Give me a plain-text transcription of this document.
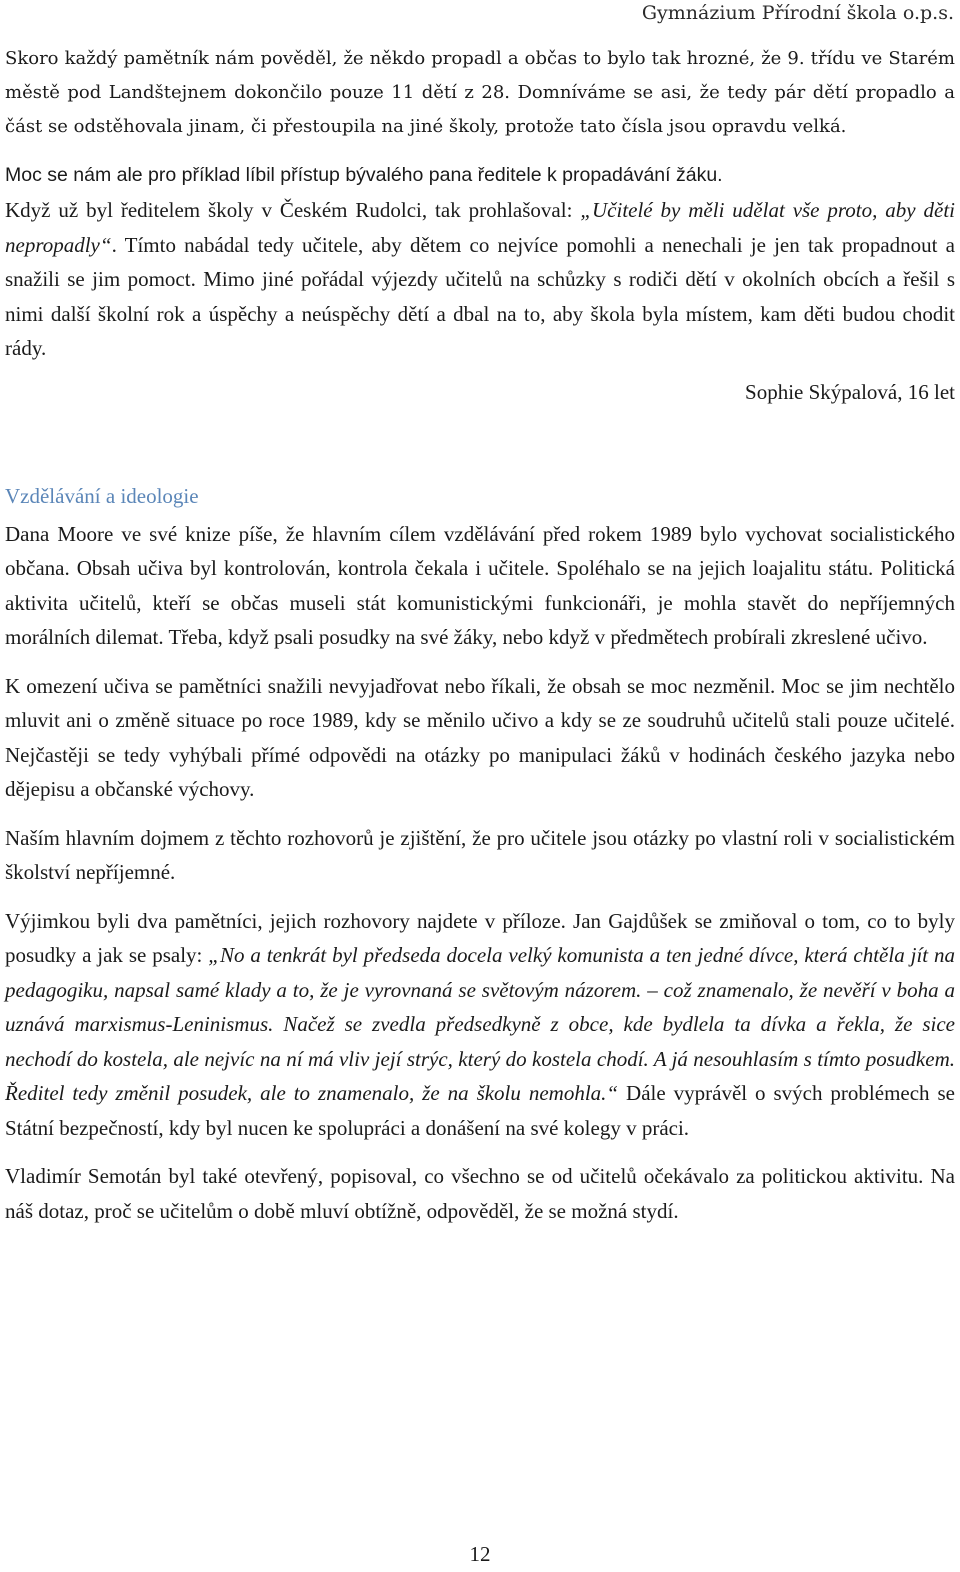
Gymnázium Přírodní škola o.p.s.

Skoro každý pamětník nám pověděl, že někdo propadl a občas to bylo tak hrozné, že 9. třídu ve Starém městě pod Landštejnem dokončilo pouze 11 dětí z 28. Domníváme se asi, že tedy pár dětí propadlo a část se odstěhovala jinam, či přestoupila na jiné školy, protože tato čísla jsou opravdu velká.

Moc se nám ale pro příklad líbil přístup bývalého pana ředitele k propadávání žáku.

Když už byl ředitelem školy v Českém Rudolci, tak prohlašoval: „Učitelé by měli udělat vše proto, aby děti nepropadly“. Tímto nabádal tedy učitele, aby dětem co nejvíce pomohli a nenechali je jen tak propadnout a snažili se jim pomoct. Mimo jiné pořádal výjezdy učitelů na schůzky s rodiči dětí v okolních obcích a řešil s nimi další školní rok a úspěchy a neúspěchy dětí a dbal na to, aby škola byla místem, kam děti budou chodit rády.

Sophie Skýpalová, 16 let
Vzdělávání a ideologie

Dana Moore ve své knize píše, že hlavním cílem vzdělávání před rokem 1989 bylo vychovat socialistického občana. Obsah učiva byl kontrolován, kontrola čekala i učitele. Spoléhalo se na jejich loajalitu státu. Politická aktivita učitelů, kteří se občas museli stát komunistickými funkcionáři, je mohla stavět do nepříjemných morálních dilemat. Třeba, když psali posudky na své žáky, nebo když v předmětech probírali zkreslené učivo.

K omezení učiva se pamětníci snažili nevyjadřovat nebo říkali, že obsah se moc nezměnil. Moc se jim nechtělo mluvit ani o změně situace po roce 1989, kdy se měnilo učivo a kdy se ze soudruhů učitelů stali pouze učitelé. Nejčastěji se tedy vyhýbali přímé odpovědi na otázky po manipulaci žáků v hodinách českého jazyka nebo dějepisu a občanské výchovy.

Naším hlavním dojmem z těchto rozhovorů je zjištění, že pro učitele jsou otázky po vlastní roli v socialistickém školství nepříjemné.

Výjimkou byli dva pamětníci, jejich rozhovory najdete v příloze. Jan Gajdůšek se zmiňoval o tom, co to byly posudky a jak se psaly: „No a tenkrát byl předseda docela velký komunista a ten jedné dívce, která chtěla jít na pedagogiku, napsal samé klady a to, že je vyrovnaná se světovým názorem. – což znamenalo, že nevěří v boha a uznává marxismus-Leninismus. Načež se zvedla předsedkyně z obce, kde bydlela ta dívka a řekla, že sice nechodí do kostela, ale nejvíc na ní má vliv její strýc, který do kostela chodí. A já nesouhlasím s tímto posudkem. Ředitel tedy změnil posudek, ale to znamenalo, že na školu nemohla.“ Dále vyprávěl o svých problémech se Státní bezpečností, kdy byl nucen ke spolupráci a donášení na své kolegy v práci.

Vladimír Semotán byl také otevřený, popisoval, co všechno se od učitelů očekávalo za politickou aktivitu. Na náš dotaz, proč se učitelům o době mluví obtížně, odpověděl, že se možná stydí.

12
